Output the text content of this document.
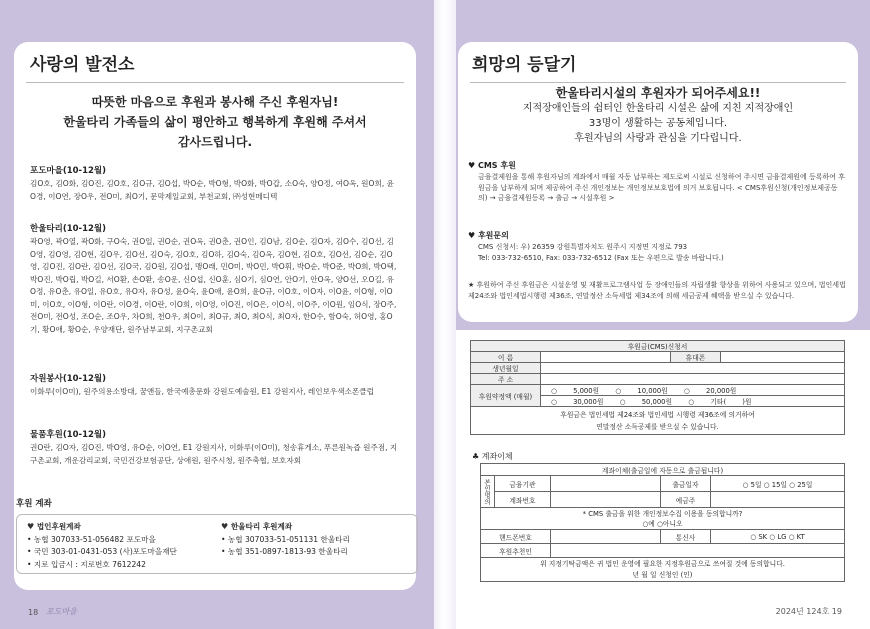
사랑의 발전소
따뜻한 마음으로 후원과 봉사해 주신 후원자님!
한울타리 가족들의 삶이 평안하고 행복하게 후원해 주셔서
감사드립니다.
포도마을(10-12월)
김O호, 김O화, 김O진, 김O호, 김O규, 김O섭, 박O순, 박O형, 박O화, 박O갑, 소O숙, 양O정, 여O옥, 원O희, 윤O경, 이O연, 장O우, 전O미, 최O기, 문막제일교회, 부천교회, ㈜성현메디텍
한울타리(10-12월)
곽O영, 곽O열, 곽O화, 구O숙, 권O일, 권O순, 권O옥, 권O춘, 권O인, 김O남, 김O순, 김O자, 김O수, 김O선, 김O영, 김O영, 김O현, 김O우, 김O선, 김O숙, 김O호, 김O하, 김O숙, 김O옥, 김O현, 김O호, 김O선, 김O순, 김O영, 김O진, 김O란, 김O선, 김O국, 김O원, 김O섭, 맹O래, 민O미, 박O민, 박O휘, 박O순, 박O준, 박O희, 박O택, 박O진, 박O립, 박O길, 서O환, 손O환, 송O운, 신O섭, 신O훈, 심O기, 심O연, 안O기, 안O옥, 양O선, 오O길, 유O정, 유O춘, 유O일, 유O호, 유O자, 유O성, 윤O숙, 윤O애, 윤O희, 윤O규, 이O호, 이O자, 이O윤, 이O형, 이O미, 이O호, 이O형, 이O란, 이O경, 이O란, 이O희, 이O영, 이O진, 이O은, 이O식, 이O주, 이O원, 임O식, 장O주, 전O미, 전O성, 조O순, 조O우, 차O희, 천O우, 최O이, 최O규, 최O, 최O식, 최O자, 한O수, 함O숙, 허O영, 홍O기, 황O애, 황O순, 우양재단, 원주남부교회, 지구촌교회
자원봉사(10-12월)
이화루(이O미), 원주의용소방대, 꿈앤들, 한국예총문화 강원도예술원, E1 강원지사, 레인보우색소폰클럽
물품후원(10-12월)
권O란, 김O자, 김O진, 박O영, 유O순, 이O연, E1 강원지사, 이화루(이O미), 청송휴게소, 푸른원녹즙 원주점, 지구촌교회, 개운감리교회, 국민건강보험공단, 상애원, 원주시청, 원주축협, 보호자회
후원 계좌
♥ 법인후원계좌
• 농협 307033-51-056482 포도마을
• 국민 303-01-0431-053 (사)포도마을재단
• 지로 입금시 : 지로번호 7612242
♥ 한울타리 후원계좌
• 농협 307033-51-051131 한울타리
• 농협 351-0897-1813-93 한울타리
18 포도마을
희망의 등달기
한울타리시설의 후원자가 되어주세요!!
지적장애인들의 쉼터인 한울타리 시설은 삶에 지친 지적장애인
33명이 생활하는 공동체입니다.
후원자님의 사랑과 관심을 기다립니다.
♥ CMS 후원
금융결제원을 통해 후원자님의 계좌에서 매월 자동 납부하는 제도로써 시설로 신청하여 주시면 금융결제원에 등록하여 후원금을 납부하게 되며 제공하여 주신 개인정보는 개인정보보호법에 의거 보호됩니다. < CMS후원신청(개인정보제공동의) → 금융결제원등록 → 출금 → 시설후원 >
♥ 후원문의
CMS 신청서: 우) 26359 강원특별자치도 원주시 지정면 지정로 793
Tel: 033-732-6510, Fax: 033-732-6512 (Fax 또는 우편으로 발송 바랍니다.)
★ 후원하여 주신 후원금은 시설운영 및 재활프로그램사업 등 장애인들의 자립생활 향상을 위하여 사용되고 있으며, 법인세법 제24조와 법인세법시행령 제36조, 연말정산 소득세법 제34조에 의해 세금공제 혜택을 받으실 수 있습니다.
후원금(CMS)신청서			
이 름		휴대폰	
생년월일			
주 소			
후원약정액 (매월)	○ 5,000원 ○ 10,000원 ○ 20,000원		
	○ 30,000원 ○ 50,000원 ○ 기타( )원		

후원금은 법인세법 제24조와 법인세법 시행령 제36조에 의거하여
연말정산 소득공제를 받으실 수 있습니다.			
♣ 계좌이체
계좌이체(출금일에 자동으로 출금됩니다)				
본인명의	금융기관		출금일자	○ 5일 ○ 15일 ○ 25일
	계좌번호		예금주	

* CMS 출금을 위한 개인정보수집 이용을 동의합니까?
○예 ○아니오				

핸드폰번호			통신사	○ SK ○ LG ○ KT
후원추천인				

위 지정기탁금액은 귀 법인 운영에 필요한 지정후원금으로 쓰여질 것에 동의합니다.
년 월 일 신청인 (인)				
2024년 124호 19
